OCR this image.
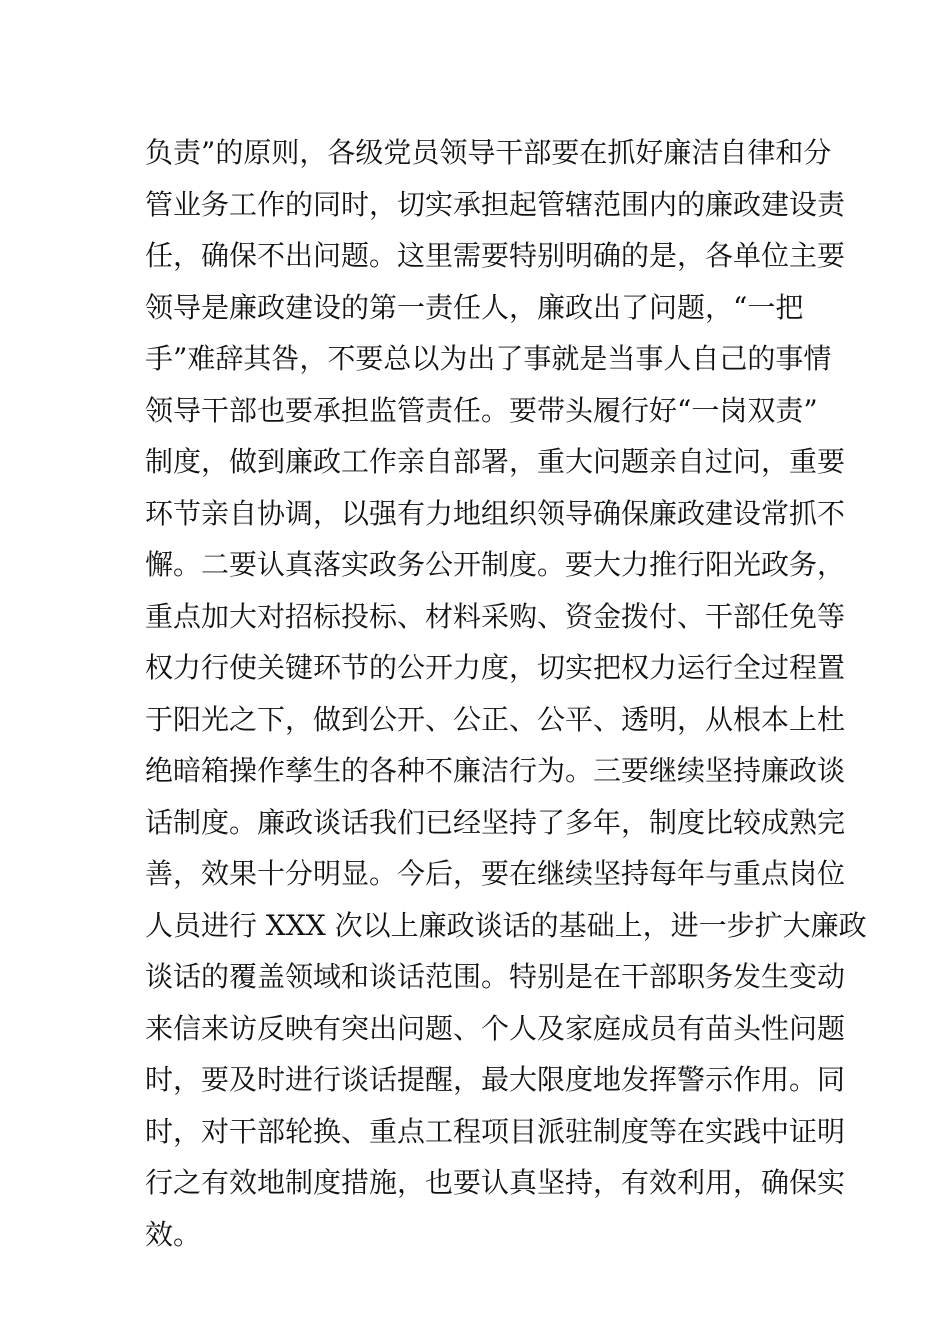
负责”的原则，各级党员领导干部要在抓好廉洁自律和分
管业务工作的同时，切实承担起管辖范围内的廉政建设责
任，确保不出问题。这里需要特别明确的是，各单位主要
领导是廉政建设的第一责任人，廉政出了问题，“一把
手”难辞其咎，不要总以为出了事就是当事人自己的事情
领导干部也要承担监管责任。要带头履行好“一岗双责”
制度，做到廉政工作亲自部署，重大问题亲自过问，重要
环节亲自协调，以强有力地组织领导确保廉政建设常抓不
懈。二要认真落实政务公开制度。要大力推行阳光政务，
重点加大对招标投标、材料采购、资金拨付、干部任免等
权力行使关键环节的公开力度，切实把权力运行全过程置
于阳光之下，做到公开、公正、公平、透明，从根本上杜
绝暗箱操作孳生的各种不廉洁行为。三要继续坚持廉政谈
话制度。廉政谈话我们已经坚持了多年，制度比较成熟完
善，效果十分明显。今后，要在继续坚持每年与重点岗位
人员进行 XXX 次以上廉政谈话的基础上，进一步扩大廉政
谈话的覆盖领域和谈话范围。特别是在干部职务发生变动
来信来访反映有突出问题、个人及家庭成员有苗头性问题
时，要及时进行谈话提醒，最大限度地发挥警示作用。同
时，对干部轮换、重点工程项目派驻制度等在实践中证明
行之有效地制度措施，也要认真坚持，有效利用，确保实
效。
